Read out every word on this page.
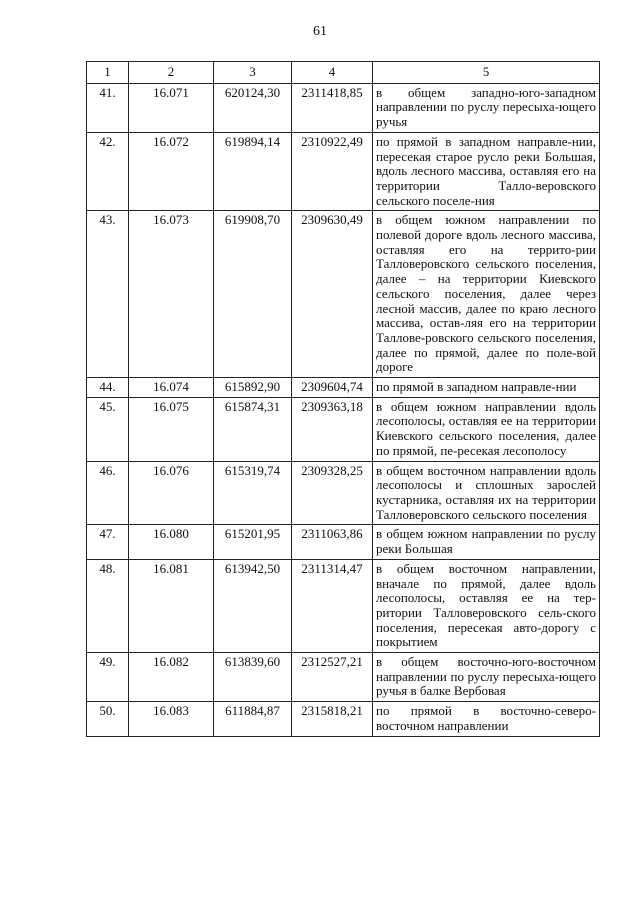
61
1	2	3	4	5
41.	16.071	620124,30	2311418,85	в общем западно-юго-западном направлении по руслу пересыха-ющего ручья
42.	16.072	619894,14	2310922,49	по прямой в западном направле-нии, пересекая старое русло реки Большая, вдоль лесного массива, оставляя его на территории Талло-веровского сельского поселе-ния
43.	16.073	619908,70	2309630,49	в общем южном направлении по полевой дороге вдоль лесного массива, оставляя его на террито-рии Талловеровского сельского поселения, далее – на территории Киевского сельского поселения, далее через лесной массив, далее по краю лесного массива, остав-ляя его на территории Таллове-ровского сельского поселения, далее по прямой, далее по поле-вой дороге
44.	16.074	615892,90	2309604,74	по прямой в западном направле-нии
45.	16.075	615874,31	2309363,18	в общем южном направлении вдоль лесополосы, оставляя ее на территории Киевского сельского поселения, далее по прямой, пе-ресекая лесополосу
46.	16.076	615319,74	2309328,25	в общем восточном направлении вдоль лесополосы и сплошных зарослей кустарника, оставляя их на территории Талловеровского сельского поселения
47.	16.080	615201,95	2311063,86	в общем южном направлении по руслу реки Большая
48.	16.081	613942,50	2311314,47	в общем восточном направлении, вначале по прямой, далее вдоль лесополосы, оставляя ее на тер-ритории Талловеровского сель-ского поселения, пересекая авто-дорогу с покрытием
49.	16.082	613839,60	2312527,21	в общем восточно-юго-восточном направлении по руслу пересыха-ющего ручья в балке Вербовая
50.	16.083	611884,87	2315818,21	по прямой в восточно-северо-восточном направлении
